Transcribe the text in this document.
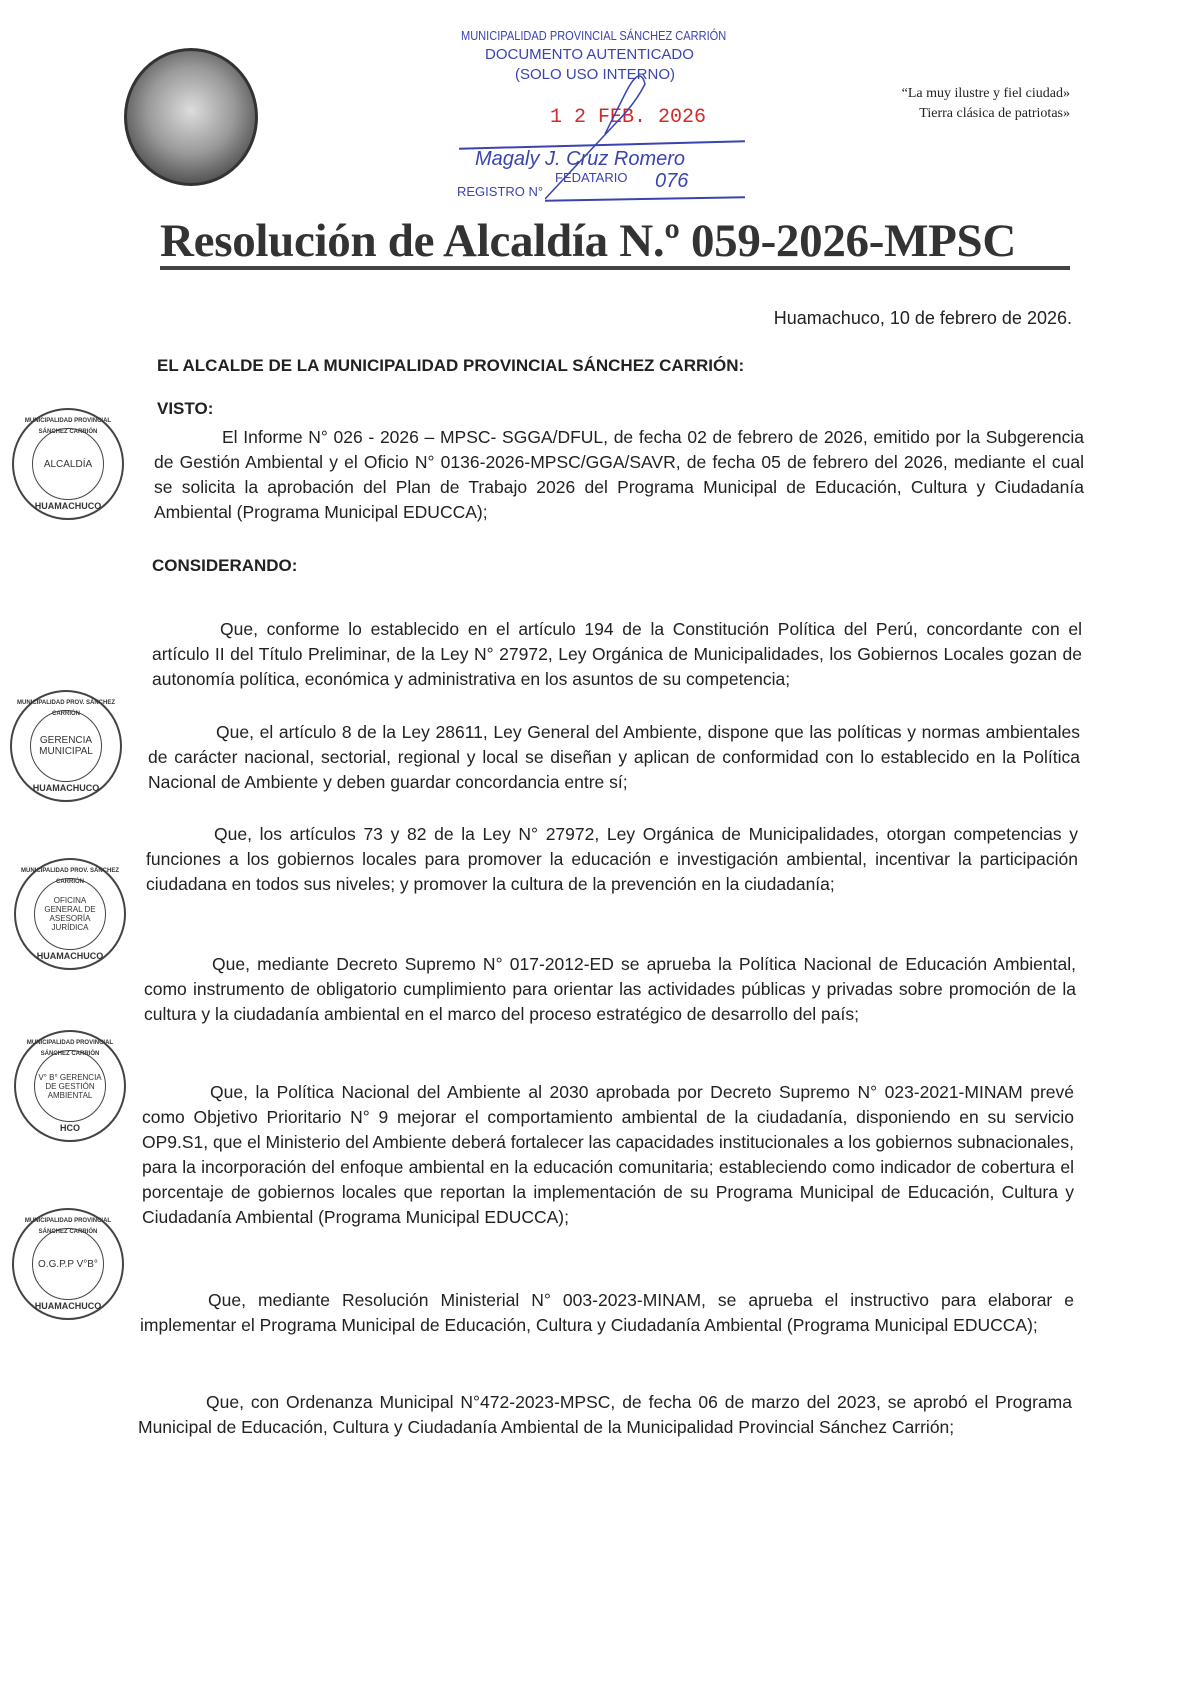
MUNICIPALIDAD PROVINCIAL SÁNCHEZ CARRIÓN
DOCUMENTO AUTENTICADO
(SOLO USO INTERNO)
1 2 FEB. 2026
Magaly J. Cruz Romero
FEDATARIO
REGISTRO N°	076
“La muy ilustre y fiel ciudad»
Tierra clásica de patriotas»
Resolución de Alcaldía N.º 059-2026-MPSC
Huamachuco, 10 de febrero de 2026.
EL ALCALDE DE LA MUNICIPALIDAD PROVINCIAL SÁNCHEZ CARRIÓN:
VISTO:
El Informe N° 026 - 2026 – MPSC- SGGA/DFUL, de fecha 02 de febrero de 2026, emitido por la Subgerencia de Gestión Ambiental y el Oficio N° 0136-2026-MPSC/GGA/SAVR, de fecha 05 de febrero del 2026, mediante el cual se solicita la aprobación del Plan de Trabajo 2026 del Programa Municipal de Educación, Cultura y Ciudadanía Ambiental (Programa Municipal EDUCCA);
CONSIDERANDO:
Que, conforme lo establecido en el artículo 194 de la Constitución Política del Perú, concordante con el artículo II del Título Preliminar, de la Ley N° 27972, Ley Orgánica de Municipalidades, los Gobiernos Locales gozan de autonomía política, económica y administrativa en los asuntos de su competencia;
Que, el artículo 8 de la Ley 28611, Ley General del Ambiente, dispone que las políticas y normas ambientales de carácter nacional, sectorial, regional y local se diseñan y aplican de conformidad con lo establecido en la Política Nacional de Ambiente y deben guardar concordancia entre sí;
Que, los artículos 73 y 82 de la Ley N° 27972, Ley Orgánica de Municipalidades, otorgan competencias y funciones a los gobiernos locales para promover la educación e investigación ambiental, incentivar la participación ciudadana en todos sus niveles; y promover la cultura de la prevención en la ciudadanía;
Que, mediante Decreto Supremo N° 017-2012-ED se aprueba la Política Nacional de Educación Ambiental, como instrumento de obligatorio cumplimiento para orientar las actividades públicas y privadas sobre promoción de la cultura y la ciudadanía ambiental en el marco del proceso estratégico de desarrollo del país;
Que, la Política Nacional del Ambiente al 2030 aprobada por Decreto Supremo N° 023-2021-MINAM prevé como Objetivo Prioritario N° 9 mejorar el comportamiento ambiental de la ciudadanía, disponiendo en su servicio OP9.S1, que el Ministerio del Ambiente deberá fortalecer las capacidades institucionales a los gobiernos subnacionales, para la incorporación del enfoque ambiental en la educación comunitaria; estableciendo como indicador de cobertura el porcentaje de gobiernos locales que reportan la implementación de su Programa Municipal de Educación, Cultura y Ciudadanía Ambiental (Programa Municipal EDUCCA);
Que, mediante Resolución Ministerial N° 003-2023-MINAM, se aprueba el instructivo para elaborar e implementar el Programa Municipal de Educación, Cultura y Ciudadanía Ambiental (Programa Municipal EDUCCA);
Que, con Ordenanza Municipal N°472-2023-MPSC, de fecha 06 de marzo del 2023, se aprobó el Programa Municipal de Educación, Cultura y Ciudadanía Ambiental de la Municipalidad Provincial Sánchez Carrión;
MUNICIPALIDAD PROVINCIAL SÁNCHEZ CARRIÓN
ALCALDÍA
HUAMACHUCO
MUNICIPALIDAD PROV. SÁNCHEZ CARRIÓN
GERENCIA MUNICIPAL
HUAMACHUCO
MUNICIPALIDAD PROV. SÁNCHEZ CARRIÓN
OFICINA GENERAL DE ASESORÍA JURÍDICA
HUAMACHUCO
MUNICIPALIDAD PROVINCIAL SÁNCHEZ CARRIÓN
V° B° GERENCIA DE GESTIÓN AMBIENTAL
HCO
MUNICIPALIDAD PROVINCIAL SÁNCHEZ CARRIÓN
O.G.P.P V°B°
HUAMACHUCO
